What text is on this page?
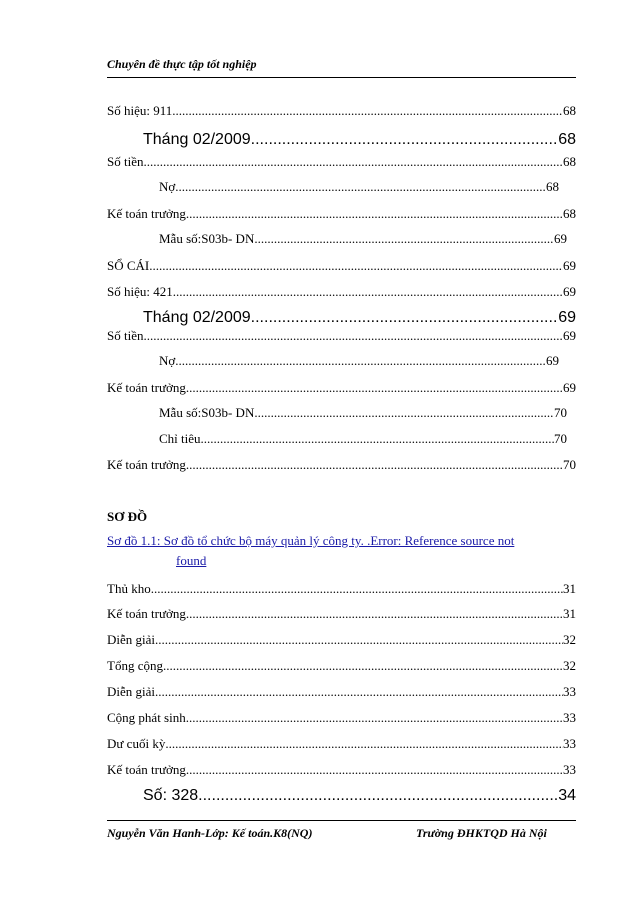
Chuyên đề thực tập tốt nghiệp
Số hiệu: 911 .....	68
Tháng 02/2009 .....	68
Số tiền .....	68
Nợ .....	68
Kế toán trưởng .....	68
Mẫu số:S03b- DN .....	69
SỔ CÁI .....	69
Số hiệu: 421 .....	69
Tháng 02/2009 .....	69
Số tiền .....	69
Nợ .....	69
Kế toán trưởng .....	69
Mẫu số:S03b- DN .....	70
Chỉ tiêu .....	70
Kế toán trưởng .....	70
SƠ ĐỒ
Sơ đồ 1.1: Sơ đồ tổ chức bộ máy quản lý công ty. .Error: Reference source not
found
Thủ kho .....	31
Kế toán trưởng .....	31
Diễn giải .....	32
Tổng cộng .....	32
Diễn giải .....	33
Cộng phát sinh .....	33
Dư cuối kỳ .....	33
Kế toán trưởng .....	33
Số: 328 .....	34
Nguyễn Văn Hanh-Lớp: Kế toán.K8(NQ)	Trường ĐHKTQD Hà Nội
